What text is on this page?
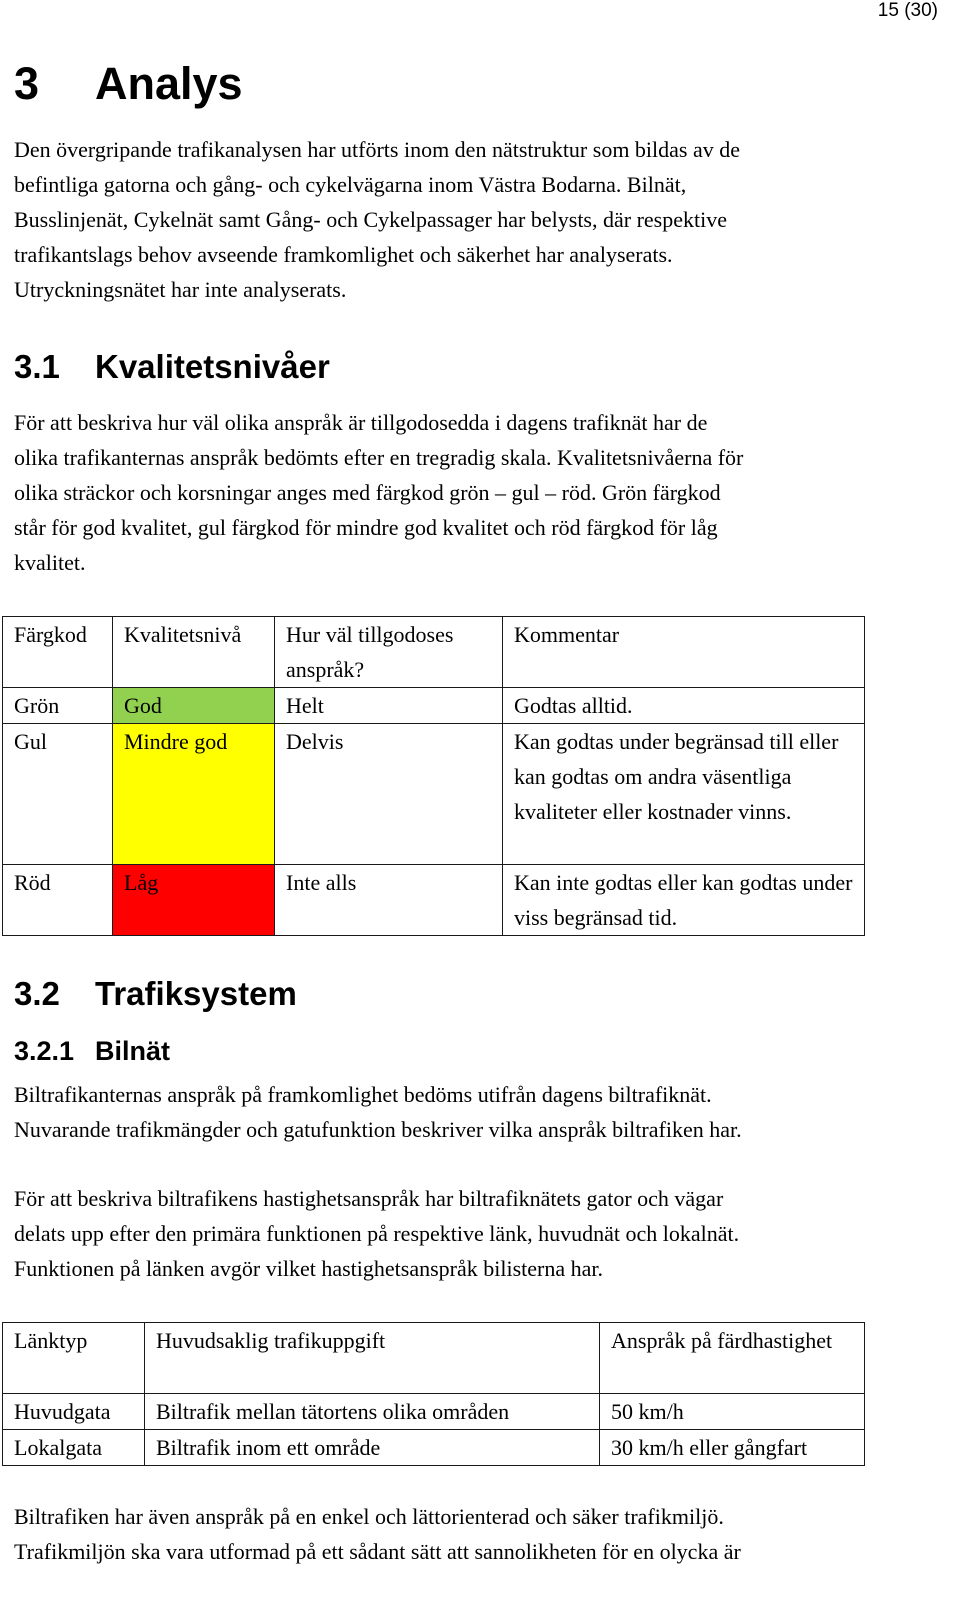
15 (30)
3 Analys

Den övergripande trafikanalysen har utförts inom den nätstruktur som bildas av de
befintliga gatorna och gång- och cykelvägarna inom Västra Bodarna. Bilnät,
Busslinjenät, Cykelnät samt Gång- och Cykelpassager har belysts, där respektive
trafikantslags behov avseende framkomlighet och säkerhet har analyserats.
Utryckningsnätet har inte analyserats.

3.1 Kvalitetsnivåer

För att beskriva hur väl olika anspråk är tillgodosedda i dagens trafiknät har de
olika trafikanternas anspråk bedömts efter en tregradig skala. Kvalitetsnivåerna för
olika sträckor och korsningar anges med färgkod grön – gul – röd. Grön färgkod
står för god kvalitet, gul färgkod för mindre god kvalitet och röd färgkod för låg
kvalitet.

Färgkod	Kvalitetsnivå	Hur väl tillgodoses anspråk?	Kommentar
Grön	God	Helt	Godtas alltid.
Gul	Mindre god	Delvis	Kan godtas under begränsad till eller kan godtas om andra väsentliga kvaliteter eller kostnader vinns.
Röd	Låg	Inte alls	Kan inte godtas eller kan godtas under viss begränsad tid.
3.2 Trafiksystem
3.2.1 Bilnät

Biltrafikanternas anspråk på framkomlighet bedöms utifrån dagens biltrafiknät.
Nuvarande trafikmängder och gatufunktion beskriver vilka anspråk biltrafiken har.

För att beskriva biltrafikens hastighetsanspråk har biltrafiknätets gator och vägar
delats upp efter den primära funktionen på respektive länk, huvudnät och lokalnät.
Funktionen på länken avgör vilket hastighetsanspråk bilisterna har.

Länktyp	Huvudsaklig trafikuppgift	Anspråk på färdhastighet
Huvudgata	Biltrafik mellan tätortens olika områden	50 km/h
Lokalgata	Biltrafik inom ett område	30 km/h eller gångfart

Biltrafiken har även anspråk på en enkel och lättorienterad och säker trafikmiljö.
Trafikmiljön ska vara utformad på ett sådant sätt att sannolikheten för en olycka är
